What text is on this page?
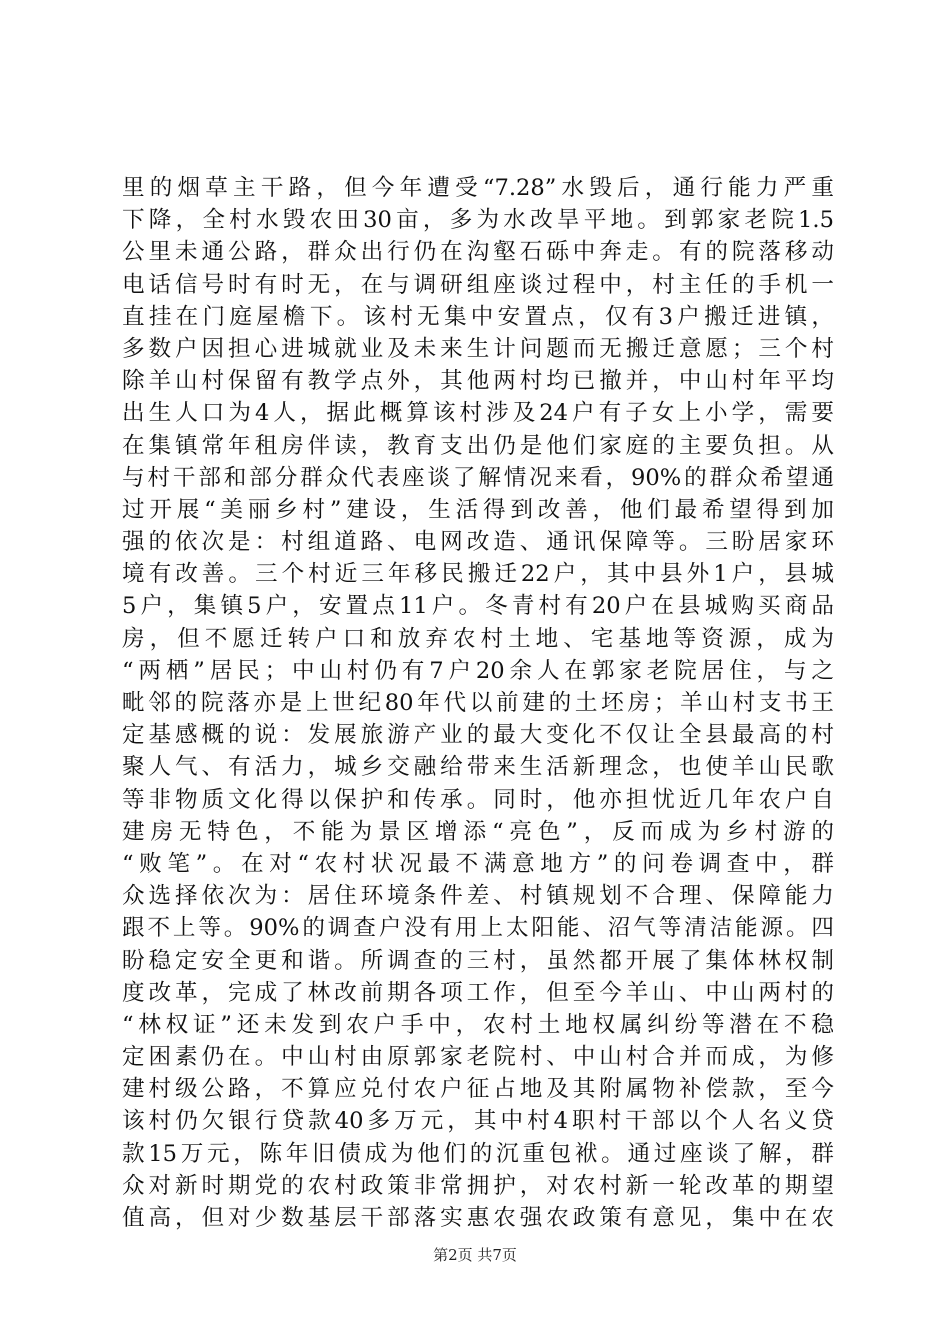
里的烟草主干路，但今年遭受“7.28”水毁后，通行能力严重
下降，全村水毁农田30亩，多为水改旱平地。到郭家老院1.5
公里未通公路，群众出行仍在沟壑石砾中奔走。有的院落移动
电话信号时有时无，在与调研组座谈过程中，村主任的手机一
直挂在门庭屋檐下。该村无集中安置点，仅有3户搬迁进镇，
多数户因担心进城就业及未来生计问题而无搬迁意愿；三个村
除羊山村保留有教学点外，其他两村均已撤并，中山村年平均
出生人口为4人，据此概算该村涉及24户有子女上小学，需要
在集镇常年租房伴读，教育支出仍是他们家庭的主要负担。从
与村干部和部分群众代表座谈了解情况来看，90%的群众希望通
过开展“美丽乡村”建设，生活得到改善，他们最希望得到加
强的依次是：村组道路、电网改造、通讯保障等。三盼居家环
境有改善。三个村近三年移民搬迁22户，其中县外1户，县城
5户，集镇5户，安置点11户。冬青村有20户在县城购买商品
房，但不愿迁转户口和放弃农村土地、宅基地等资源，成为
“两栖”居民；中山村仍有7户20余人在郭家老院居住，与之
毗邻的院落亦是上世纪80年代以前建的土坯房；羊山村支书王
定基感概的说：发展旅游产业的最大变化不仅让全县最高的村
聚人气、有活力，城乡交融给带来生活新理念，也使羊山民歌
等非物质文化得以保护和传承。同时，他亦担忧近几年农户自
建房无特色，不能为景区增添“亮色”，反而成为乡村游的
“败笔”。在对“农村状况最不满意地方”的问卷调查中，群
众选择依次为：居住环境条件差、村镇规划不合理、保障能力
跟不上等。90%的调查户没有用上太阳能、沼气等清洁能源。四
盼稳定安全更和谐。所调查的三村，虽然都开展了集体林权制
度改革，完成了林改前期各项工作，但至今羊山、中山两村的
“林权证”还未发到农户手中，农村土地权属纠纷等潜在不稳
定困素仍在。中山村由原郭家老院村、中山村合并而成，为修
建村级公路，不算应兑付农户征占地及其附属物补偿款，至今
该村仍欠银行贷款40多万元，其中村4职村干部以个人名义贷
款15万元，陈年旧债成为他们的沉重包袱。通过座谈了解，群
众对新时期党的农村政策非常拥护，对农村新一轮改革的期望
值高，但对少数基层干部落实惠农强农政策有意见，集中在农
第2页 共7页
